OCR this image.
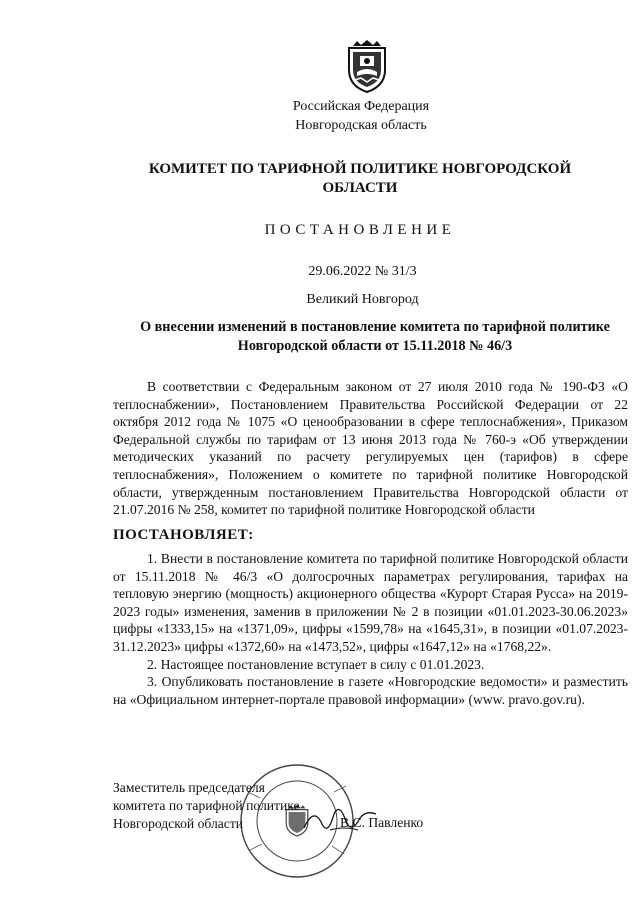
Российская Федерация
Новгородская область
КОМИТЕТ ПО ТАРИФНОЙ ПОЛИТИКЕ НОВГОРОДСКОЙ ОБЛАСТИ
ПОСТАНОВЛЕНИЕ
29.06.2022 № 31/3
Великий Новгород
О внесении изменений в постановление комитета по тарифной политике Новгородской области от 15.11.2018 № 46/3

В соответствии с Федеральным законом от 27 июля 2010 года № 190-ФЗ «О теплоснабжении», Постановлением Правительства Российской Федерации от 22 октября 2012 года № 1075 «О ценообразовании в сфере теплоснабжения», Приказом Федеральной службы по тарифам от 13 июня 2013 года № 760-э «Об утверждении методических указаний по расчету регулируемых цен (тарифов) в сфере теплоснабжения», Положением о комитете по тарифной политике Новгородской области, утвержденным постановлением Правительства Новгородской области от 21.07.2016 № 258, комитет по тарифной политике Новгородской области

ПОСТАНОВЛЯЕТ:

1. Внести в постановление комитета по тарифной политике Новгородской области от 15.11.2018 № 46/3 «О долгосрочных параметрах регулирования, тарифах на тепловую энергию (мощность) акционерного общества «Курорт Старая Русса» на 2019-2023 годы» изменения, заменив в приложении № 2 в позиции «01.01.2023-30.06.2023» цифры «1333,15» на «1371,09», цифры «1599,78» на «1645,31», в позиции «01.07.2023-31.12.2023» цифры «1372,60» на «1473,52», цифры «1647,12» на «1768,22».

2. Настоящее постановление вступает в силу с 01.01.2023.

3. Опубликовать постановление в газете «Новгородские ведомости» и разместить на «Официальном интернет-портале правовой информации» (www. pravo.gov.ru).

Заместитель председателя
комитета по тарифной политике
Новгородской области	В.С. Павленко
